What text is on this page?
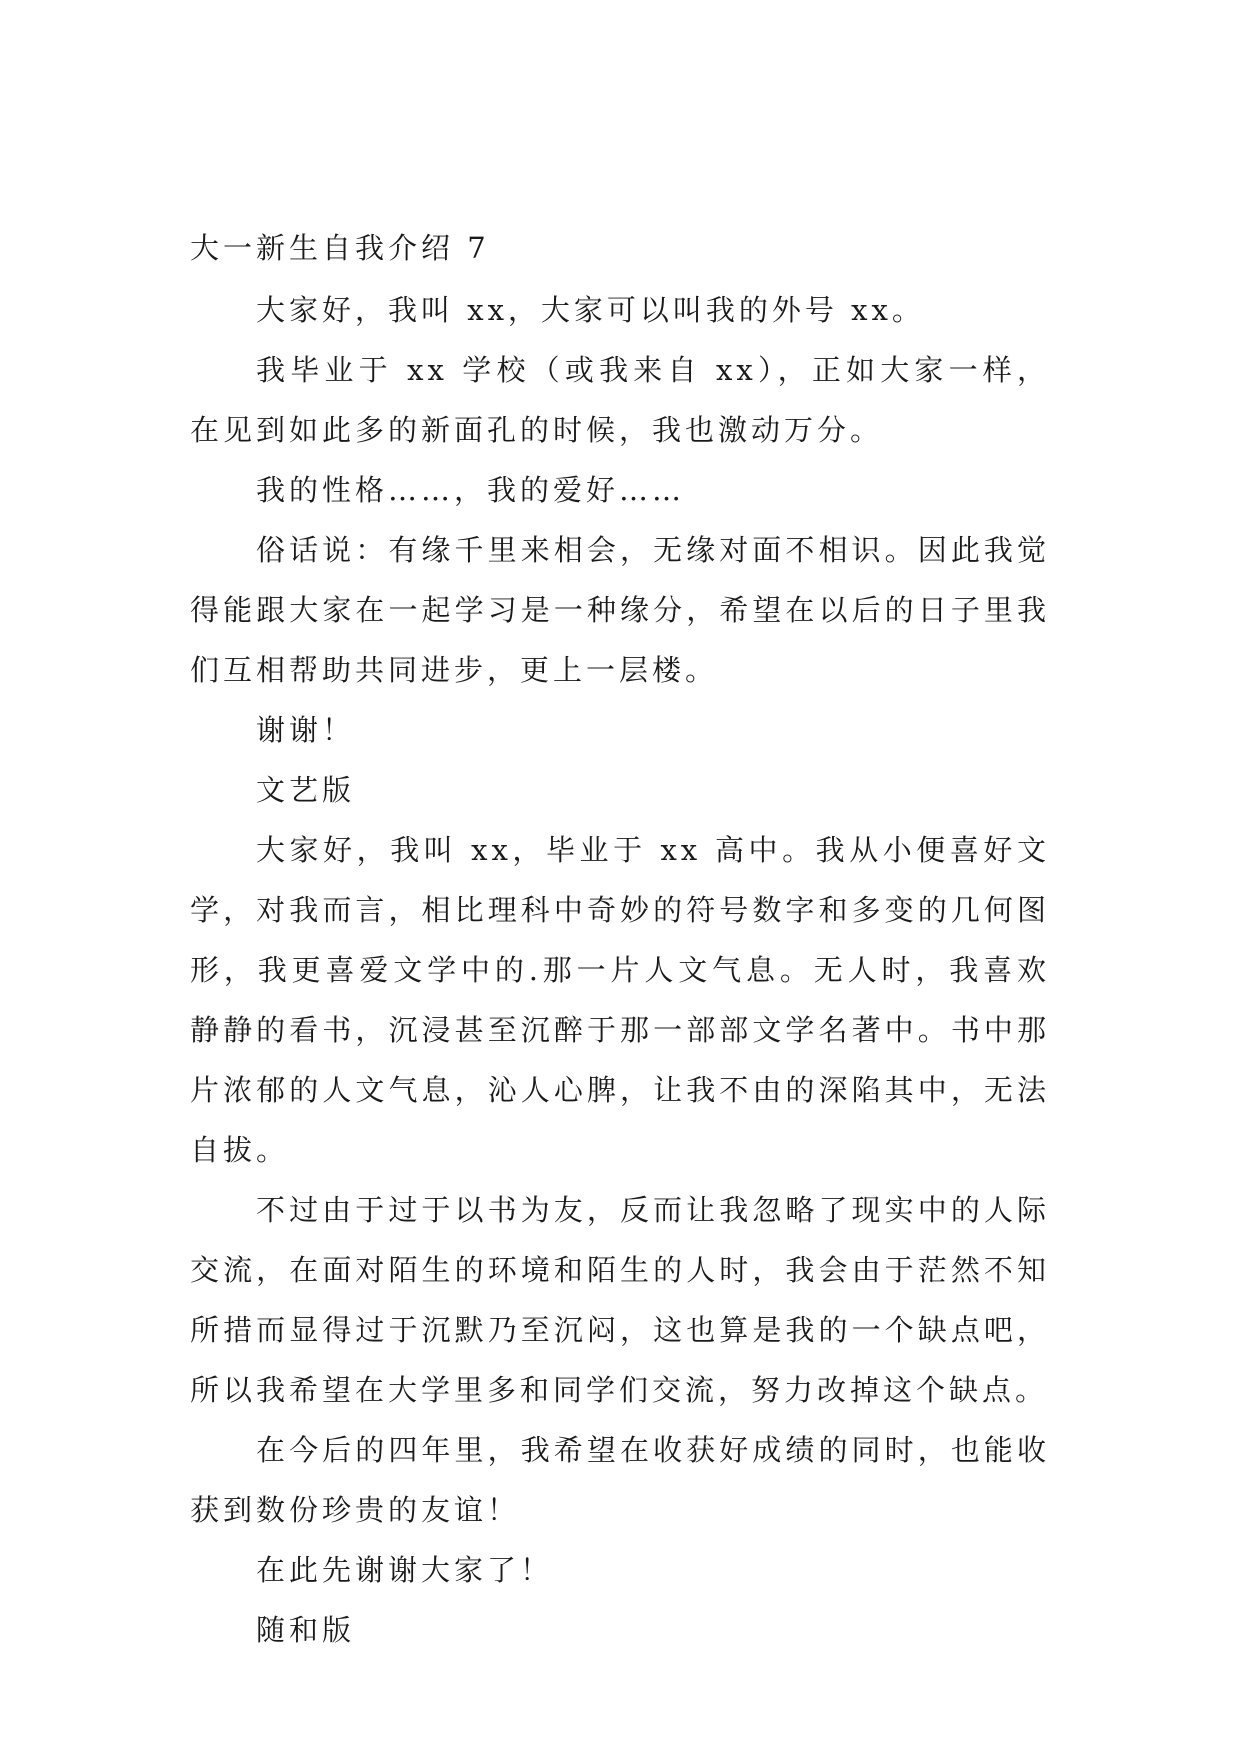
大一新生自我介绍 7

大家好，我叫 xx，大家可以叫我的外号 xx。

我毕业于 xx 学校（或我来自 xx），正如大家一样，在见到如此多的新面孔的时候，我也激动万分。

我的性格……，我的爱好……

俗话说：有缘千里来相会，无缘对面不相识。因此我觉得能跟大家在一起学习是一种缘分，希望在以后的日子里我们互相帮助共同进步，更上一层楼。

谢谢！

文艺版

大家好，我叫 xx，毕业于 xx 高中。我从小便喜好文学，对我而言，相比理科中奇妙的符号数字和多变的几何图形，我更喜爱文学中的.那一片人文气息。无人时，我喜欢静静的看书，沉浸甚至沉醉于那一部部文学名著中。书中那片浓郁的人文气息，沁人心脾，让我不由的深陷其中，无法自拔。

不过由于过于以书为友，反而让我忽略了现实中的人际交流，在面对陌生的环境和陌生的人时，我会由于茫然不知所措而显得过于沉默乃至沉闷，这也算是我的一个缺点吧，所以我希望在大学里多和同学们交流，努力改掉这个缺点。

在今后的四年里，我希望在收获好成绩的同时，也能收获到数份珍贵的友谊！

在此先谢谢大家了！

随和版
